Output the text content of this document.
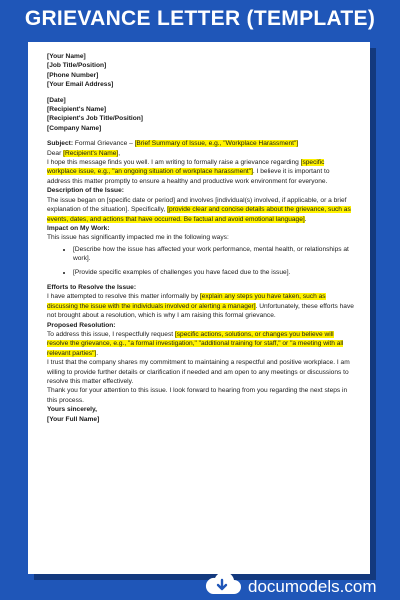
GRIEVANCE LETTER (TEMPLATE)

[Your Name]

[Job Title/Position]

[Phone Number]

[Your Email Address]

[Date]

[Recipient's Name]

[Recipient's Job Title/Position]

[Company Name]

Subject: Formal Grievance – [Brief Summary of Issue, e.g., "Workplace Harassment"]

Dear [Recipient's Name],

I hope this message finds you well. I am writing to formally raise a grievance regarding [specific workplace issue, e.g., "an ongoing situation of workplace harassment"]. I believe it is important to address this matter promptly to ensure a healthy and productive work environment for everyone.

Description of the Issue:

The issue began on [specific date or period] and involves [individual(s) involved, if applicable, or a brief explanation of the situation]. Specifically, [provide clear and concise details about the grievance, such as events, dates, and actions that have occurred. Be factual and avoid emotional language].

Impact on My Work:

This issue has significantly impacted me in the following ways:

• [Describe how the issue has affected your work performance, mental health, or relationships at work].
• [Provide specific examples of challenges you have faced due to the issue].

Efforts to Resolve the Issue:

I have attempted to resolve this matter informally by [explain any steps you have taken, such as discussing the issue with the individuals involved or alerting a manager]. Unfortunately, these efforts have not brought about a resolution, which is why I am raising this formal grievance.

Proposed Resolution:

To address this issue, I respectfully request [specific actions, solutions, or changes you believe will resolve the grievance, e.g., "a formal investigation," "additional training for staff," or "a meeting with all relevant parties"].

I trust that the company shares my commitment to maintaining a respectful and positive workplace. I am willing to provide further details or clarification if needed and am open to any meetings or discussions to resolve this matter effectively.

Thank you for your attention to this issue. I look forward to hearing from you regarding the next steps in this process.

Yours sincerely,

[Your Full Name]

documodels.com
